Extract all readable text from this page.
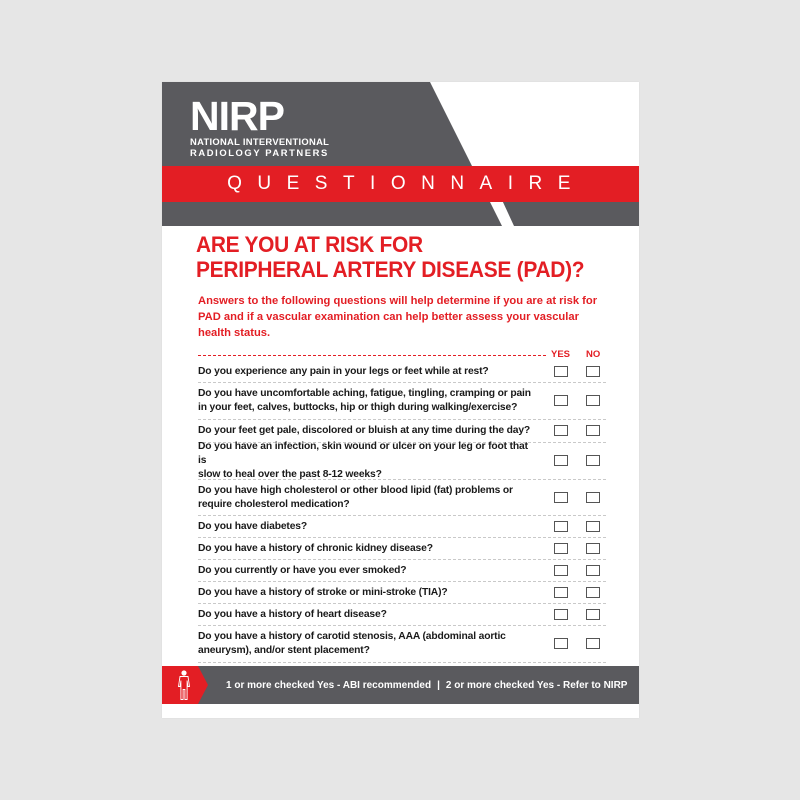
NIRP
NATIONAL INTERVENTIONAL
RADIOLOGY PARTNERS
QUESTIONNAIRE
ARE YOU AT RISK FOR
PERIPHERAL ARTERY DISEASE (PAD)?
Answers to the following questions will help determine if you are at risk for PAD and if a vascular examination can help better assess your vascular health status.
YES NO
Do you experience any pain in your legs or feet while at rest?
Do you have uncomfortable aching, fatigue, tingling, cramping or pain
in your feet, calves, buttocks, hip or thigh during walking/exercise?
Do your feet get pale, discolored or bluish at any time during the day?
Do you have an infection, skin wound or ulcer on your leg or foot that is
slow to heal over the past 8-12 weeks?
Do you have high cholesterol or other blood lipid (fat) problems or
require cholesterol medication?
Do you have diabetes?
Do you have a history of chronic kidney disease?
Do you currently or have you ever smoked?
Do you have a history of stroke or mini-stroke (TIA)?
Do you have a history of heart disease?
Do you have a history of carotid stenosis, AAA (abdominal aortic
aneurysm), and/or stent placement?
1 or more checked Yes - ABI recommended | 2 or more checked Yes - Refer to NIRP
